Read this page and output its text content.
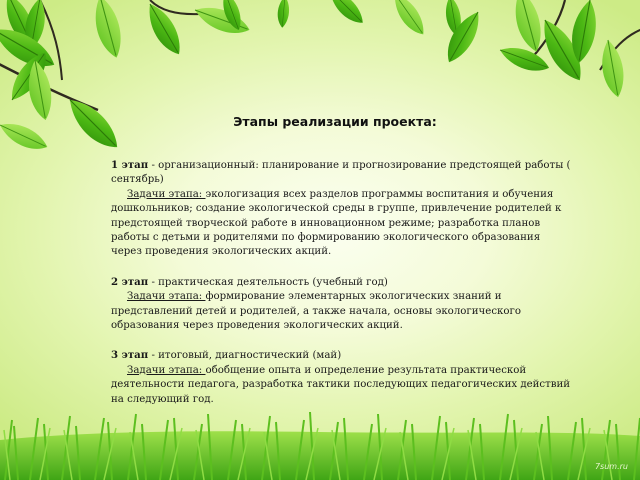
Этапы реализации проекта:
1 этап - организационный: планирование и прогнозирование предстоящей работы ( сентябрь)
Задачи этапа: экологизация всех разделов программы воспитания и обучения дошкольников; создание экологической среды в группе, привлечение родителей к предстоящей творческой работе в инновационном режиме; разработка планов работы с детьми и родителями по формированию экологического образования через проведения экологических акций.
2 этап - практическая деятельность (учебный год)
Задачи этапа: формирование элементарных экологических знаний и представлений детей и родителей, а также начала, основы экологического образования через проведения экологических акций.
3 этап - итоговый, диагностический (май)
Задачи этапа: обобщение опыта и определение результата практической деятельности педагога, разработка тактики последующих педагогических действий на следующий год.
7sum.ru
